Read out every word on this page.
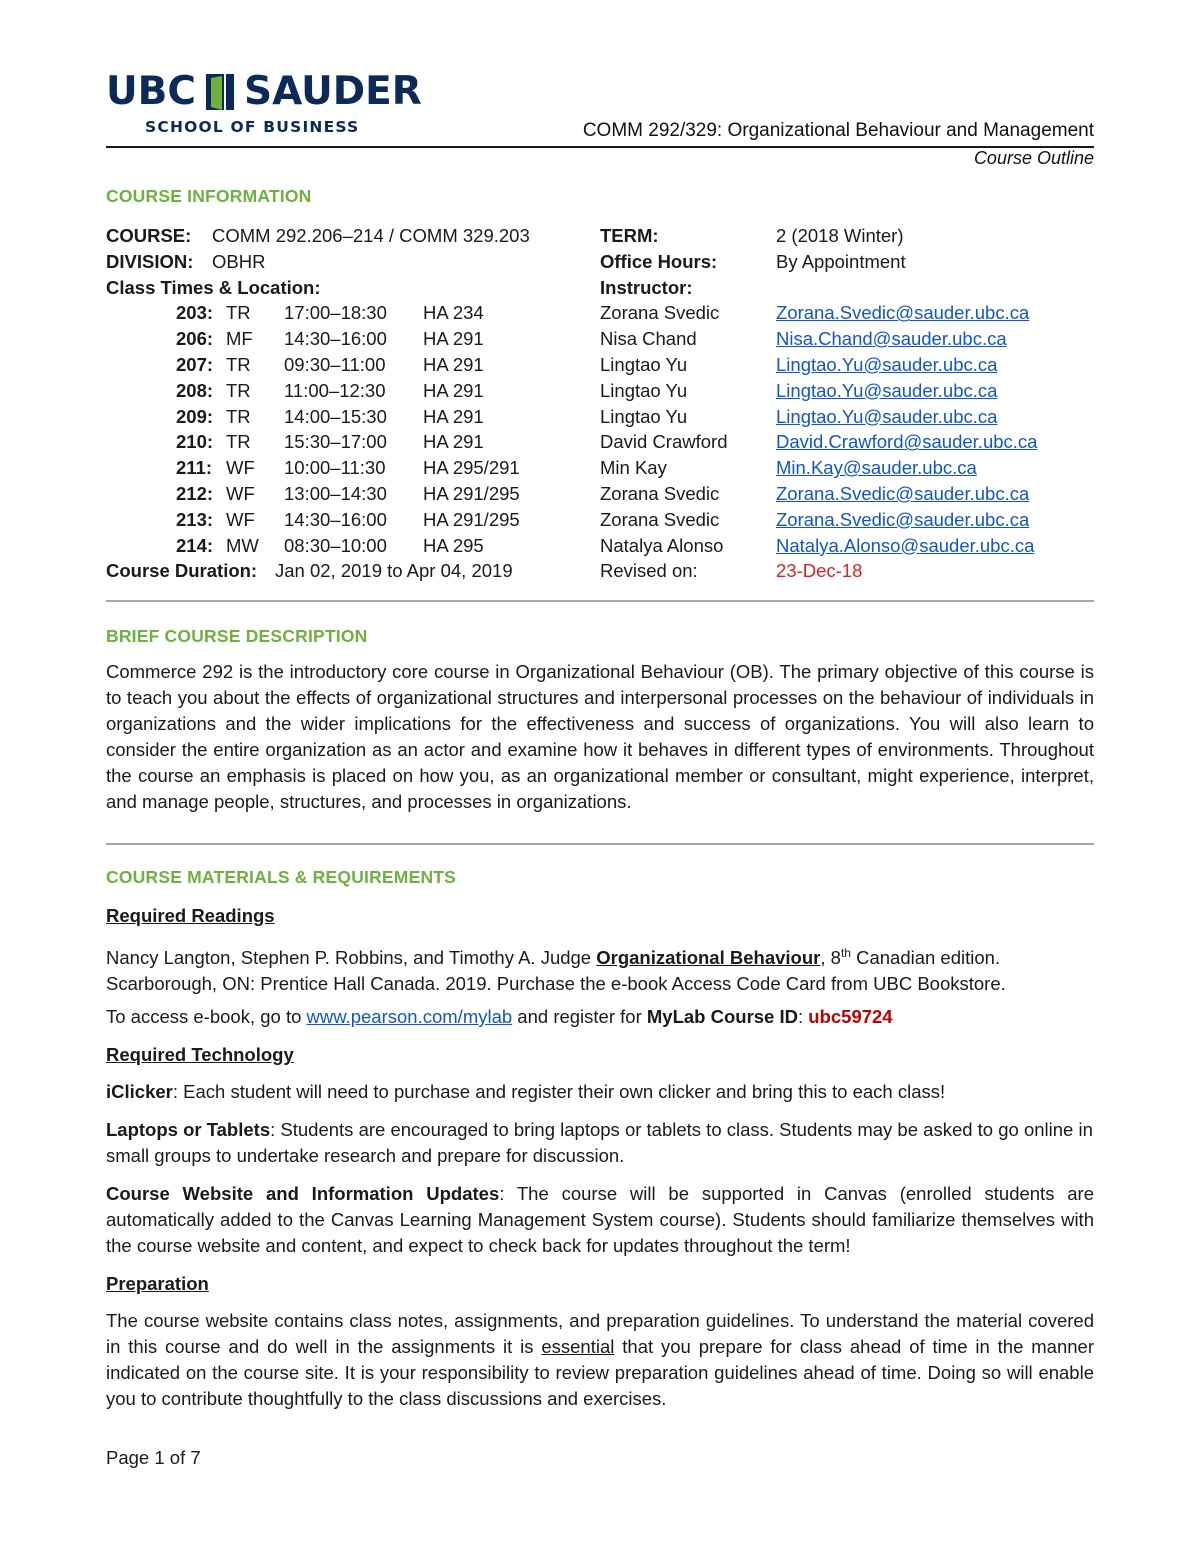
UBC SAUDER
SCHOOL OF BUSINESS	COMM 292/329: Organizational Behaviour and Management
Course Outline
COURSE INFORMATION
COURSE: COMM 292.206–214 / COMM 329.203	TERM:	2 (2018 Winter)
DIVISION: OBHR	Office Hours:	By Appointment
Class Times & Location:	Instructor:
203: TR 17:00–18:30 HA 234	Zorana Svedic	Zorana.Svedic@sauder.ubc.ca
206: MF 14:30–16:00 HA 291	Nisa Chand	Nisa.Chand@sauder.ubc.ca
207: TR 09:30–11:00 HA 291	Lingtao Yu	Lingtao.Yu@sauder.ubc.ca
208: TR 11:00–12:30 HA 291	Lingtao Yu	Lingtao.Yu@sauder.ubc.ca
209: TR 14:00–15:30 HA 291	Lingtao Yu	Lingtao.Yu@sauder.ubc.ca
210: TR 15:30–17:00 HA 291	David Crawford	David.Crawford@sauder.ubc.ca
211: WF 10:00–11:30 HA 295/291	Min Kay	Min.Kay@sauder.ubc.ca
212: WF 13:00–14:30 HA 291/295	Zorana Svedic	Zorana.Svedic@sauder.ubc.ca
213: WF 14:30–16:00 HA 291/295	Zorana Svedic	Zorana.Svedic@sauder.ubc.ca
214: MW 08:30–10:00 HA 295	Natalya Alonso	Natalya.Alonso@sauder.ubc.ca
Course Duration: Jan 02, 2019 to Apr 04, 2019	Revised on:	23-Dec-18
BRIEF COURSE DESCRIPTION

Commerce 292 is the introductory core course in Organizational Behaviour (OB). The primary objective of this course is to teach you about the effects of organizational structures and interpersonal processes on the behaviour of individuals in organizations and the wider implications for the effectiveness and success of organizations. You will also learn to consider the entire organization as an actor and examine how it behaves in different types of environments. Throughout the course an emphasis is placed on how you, as an organizational member or consultant, might experience, interpret, and manage people, structures, and processes in organizations.

COURSE MATERIALS & REQUIREMENTS
Required Readings

Nancy Langton, Stephen P. Robbins, and Timothy A. Judge Organizational Behaviour, 8th Canadian edition.
Scarborough, ON: Prentice Hall Canada. 2019. Purchase the e-book Access Code Card from UBC Bookstore.

To access e-book, go to www.pearson.com/mylab and register for MyLab Course ID: ubc59724
Required Technology
iClicker: Each student will need to purchase and register their own clicker and bring this to each class!

Laptops or Tablets: Students are encouraged to bring laptops or tablets to class. Students may be asked to go online in small groups to undertake research and prepare for discussion.

Course Website and Information Updates: The course will be supported in Canvas (enrolled students are automatically added to the Canvas Learning Management System course). Students should familiarize themselves with the course website and content, and expect to check back for updates throughout the term!

Preparation

The course website contains class notes, assignments, and preparation guidelines. To understand the material covered in this course and do well in the assignments it is essential that you prepare for class ahead of time in the manner indicated on the course site. It is your responsibility to review preparation guidelines ahead of time. Doing so will enable you to contribute thoughtfully to the class discussions and exercises.

Page 1 of 7
